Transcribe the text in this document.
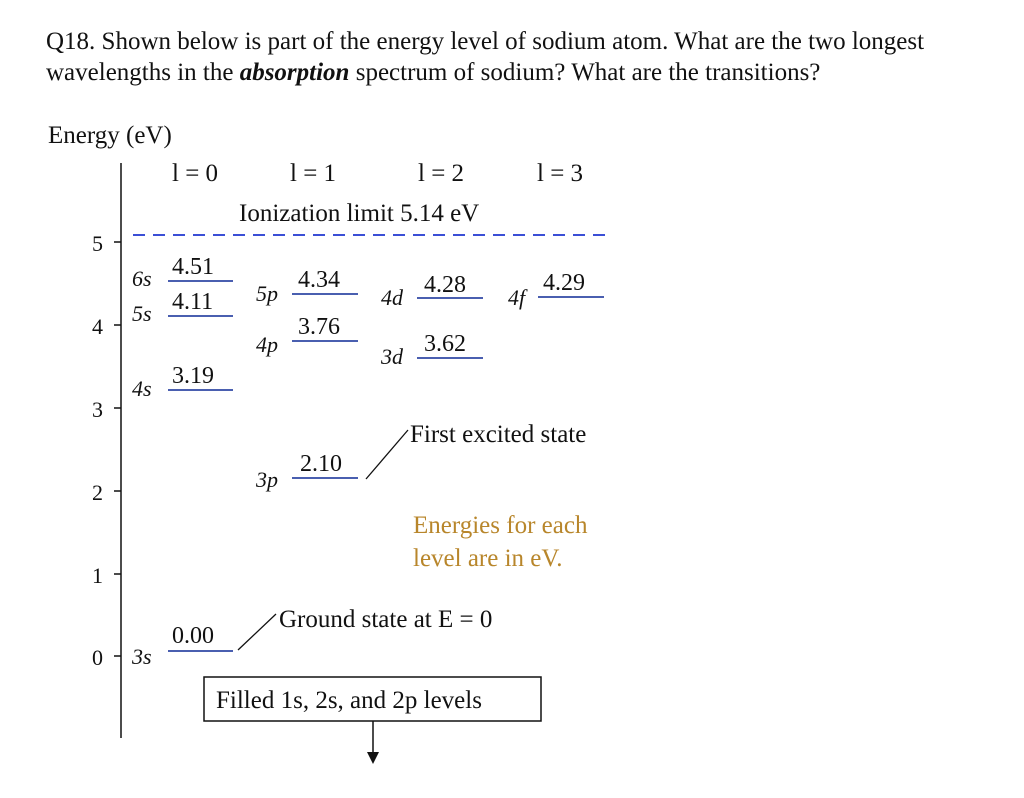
Q18. Shown below is part of the energy level of sodium atom. What are the two longest wavelengths in the absorption spectrum of sodium? What are the transitions?
Energy (eV)
5
4
3
2
1
0
l = 0	l = 1	l = 2	l = 3
Ionization limit 5.14 eV
6s 4.51
5s 4.11
4s 3.19
3s
0.00
5p
4.34
4p
3.76
3p
2.10
4d 4.28
3d 3.62
4f
4.29
First excited state
Energies for each
level are in eV.
Ground state at E = 0
Filled 1s, 2s, and 2p levels
